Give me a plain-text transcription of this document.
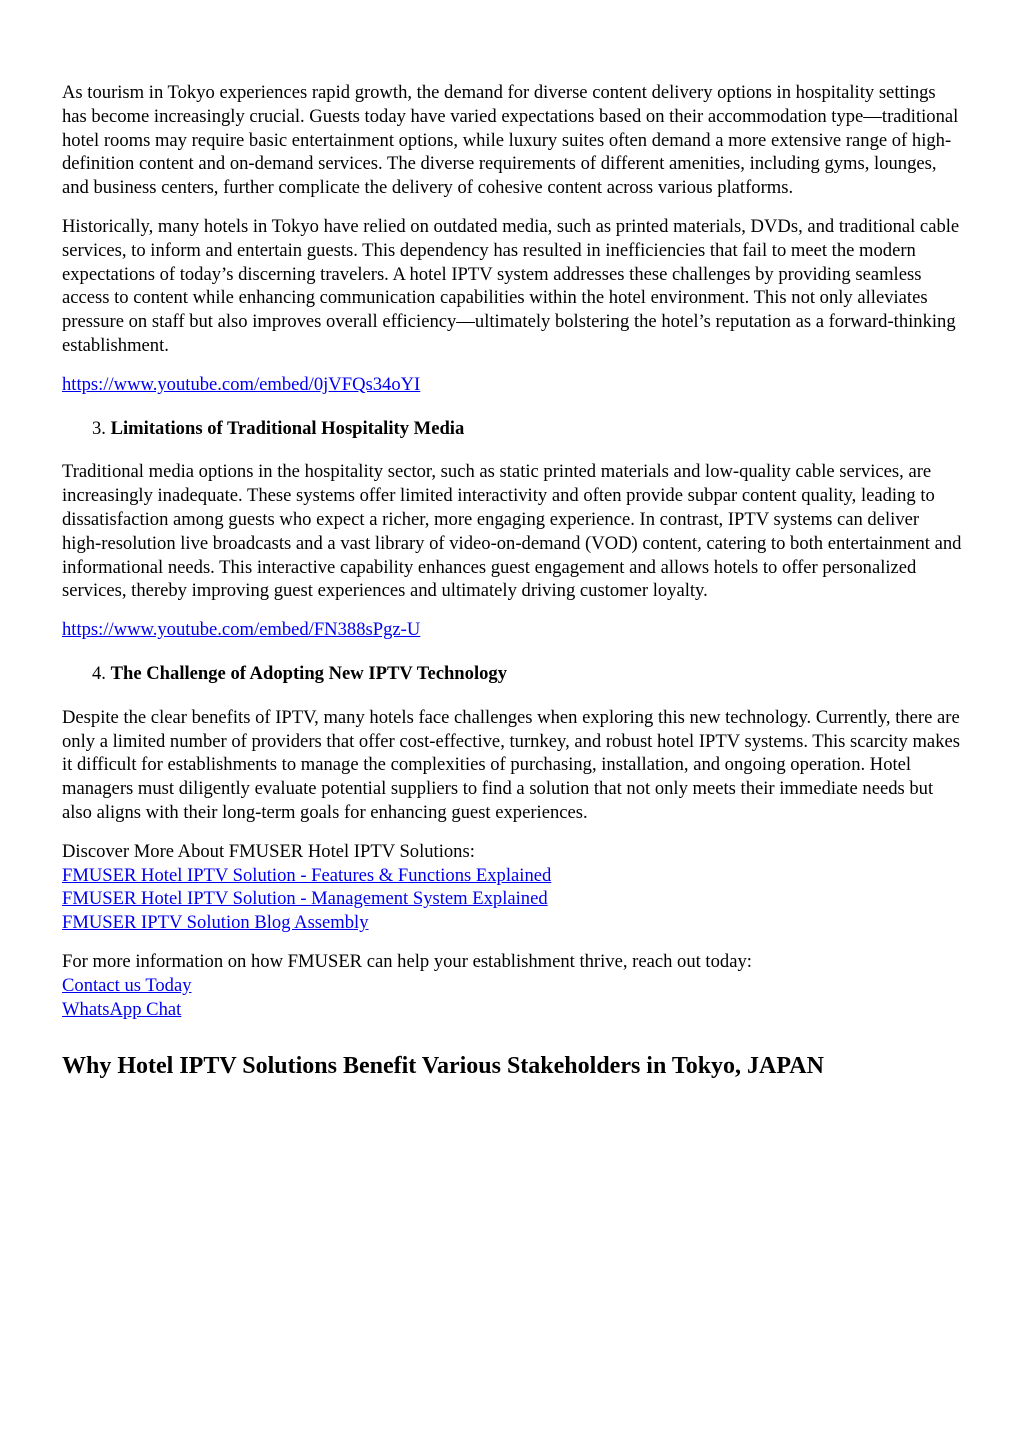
As tourism in Tokyo experiences rapid growth, the demand for diverse content delivery options in hospitality settings has become increasingly crucial. Guests today have varied expectations based on their accommodation type—traditional hotel rooms may require basic entertainment options, while luxury suites often demand a more extensive range of high-definition content and on-demand services. The diverse requirements of different amenities, including gyms, lounges, and business centers, further complicate the delivery of cohesive content across various platforms.

Historically, many hotels in Tokyo have relied on outdated media, such as printed materials, DVDs, and traditional cable services, to inform and entertain guests. This dependency has resulted in inefficiencies that fail to meet the modern expectations of today’s discerning travelers. A hotel IPTV system addresses these challenges by providing seamless access to content while enhancing communication capabilities within the hotel environment. This not only alleviates pressure on staff but also improves overall efficiency—ultimately bolstering the hotel’s reputation as a forward-thinking establishment.

https://www.youtube.com/embed/0jVFQs34oYI

3. Limitations of Traditional Hospitality Media

Traditional media options in the hospitality sector, such as static printed materials and low-quality cable services, are increasingly inadequate. These systems offer limited interactivity and often provide subpar content quality, leading to dissatisfaction among guests who expect a richer, more engaging experience. In contrast, IPTV systems can deliver high-resolution live broadcasts and a vast library of video-on-demand (VOD) content, catering to both entertainment and informational needs. This interactive capability enhances guest engagement and allows hotels to offer personalized services, thereby improving guest experiences and ultimately driving customer loyalty.

https://www.youtube.com/embed/FN388sPgz-U

4. The Challenge of Adopting New IPTV Technology

Despite the clear benefits of IPTV, many hotels face challenges when exploring this new technology. Currently, there are only a limited number of providers that offer cost-effective, turnkey, and robust hotel IPTV systems. This scarcity makes it difficult for establishments to manage the complexities of purchasing, installation, and ongoing operation. Hotel managers must diligently evaluate potential suppliers to find a solution that not only meets their immediate needs but also aligns with their long-term goals for enhancing guest experiences.

Discover More About FMUSER Hotel IPTV Solutions:

FMUSER Hotel IPTV Solution - Features & Functions Explained
FMUSER Hotel IPTV Solution - Management System Explained
FMUSER IPTV Solution Blog Assembly

For more information on how FMUSER can help your establishment thrive, reach out today:

Contact us Today
WhatsApp Chat
Why Hotel IPTV Solutions Benefit Various Stakeholders in Tokyo, JAPAN
